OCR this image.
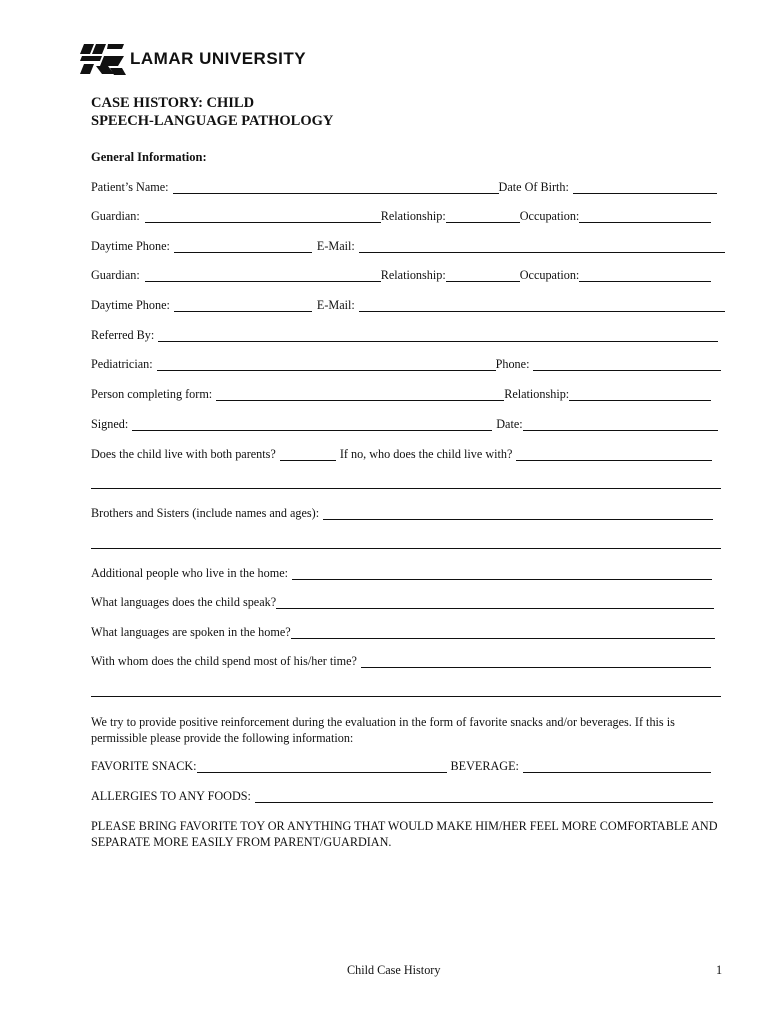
LAMAR UNIVERSITY
CASE HISTORY: CHILD
SPEECH-LANGUAGE PATHOLOGY
General Information:
Patient’s Name:	Date Of Birth:
Guardian:	Relationship:	Occupation:
Daytime Phone:	E-Mail:
Guardian:	Relationship:	Occupation:
Daytime Phone:	E-Mail:
Referred By:
Pediatrician:	Phone:
Person completing form:	Relationship:
Signed:	Date:
Does the child live with both parents?	If no, who does the child live with?
Brothers and Sisters (include names and ages):
Additional people who live in the home:
What languages does the child speak?
What languages are spoken in the home?
With whom does the child spend most of his/her time?
We try to provide positive reinforcement during the evaluation in the form of favorite snacks and/or beverages. If this is permissible please provide the following information:
FAVORITE SNACK:	BEVERAGE:
ALLERGIES TO ANY FOODS:
PLEASE BRING FAVORITE TOY OR ANYTHING THAT WOULD MAKE HIM/HER FEEL MORE COMFORTABLE AND SEPARATE MORE EASILY FROM PARENT/GUARDIAN.
Child Case History	1
